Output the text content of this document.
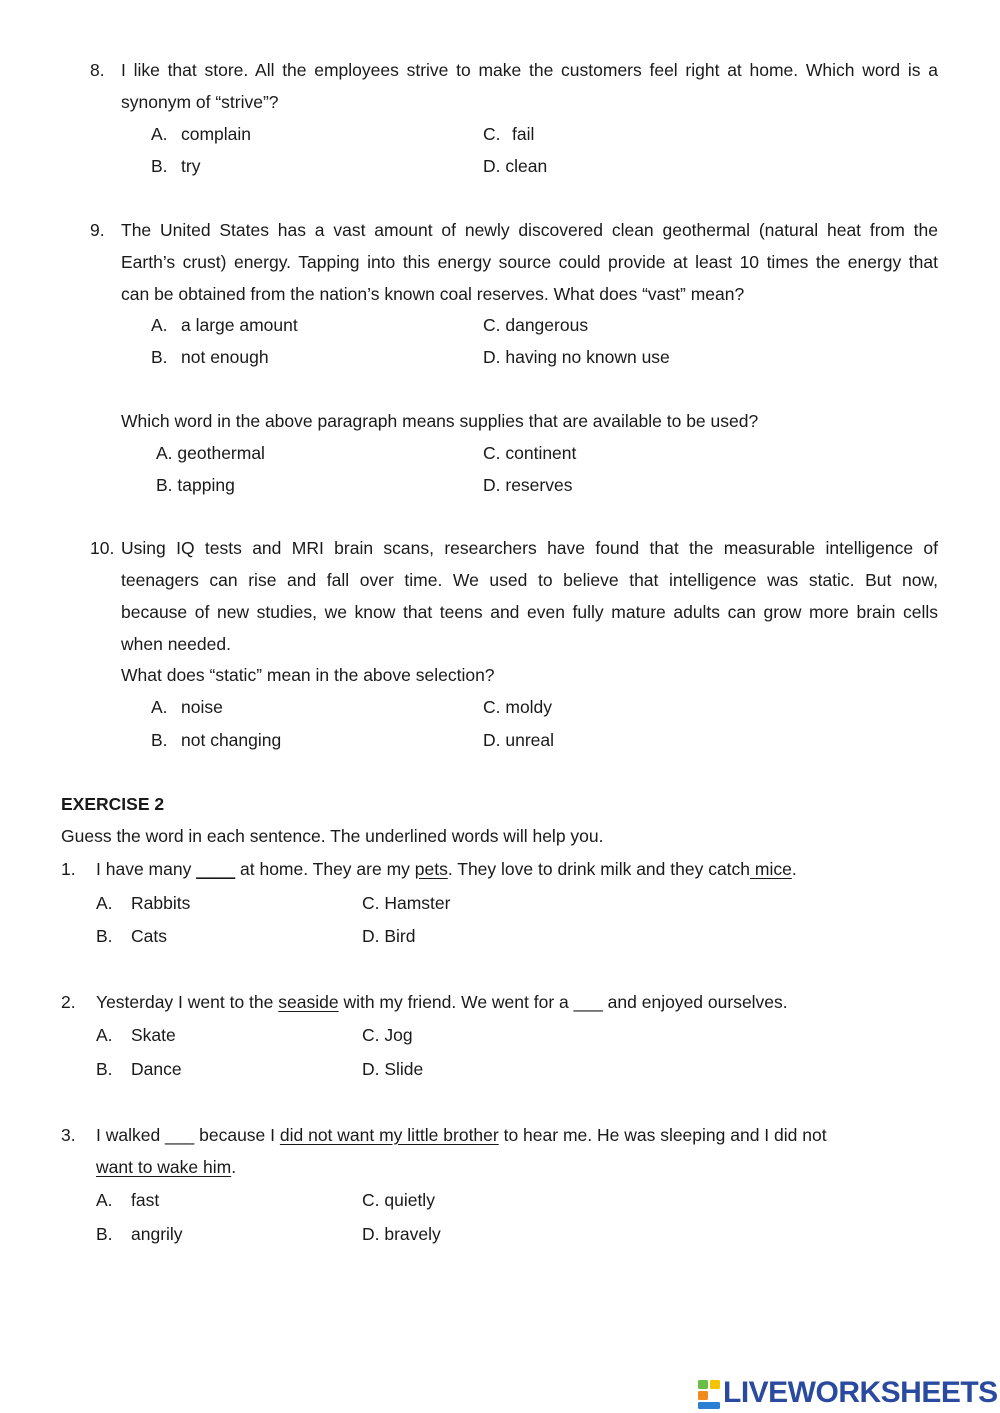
8. I like that store. All the employees strive to make the customers feel right at home. Which word is a
synonym of “strive”?
A. complain	C. fail
B. try	D. clean
9. The United States has a vast amount of newly discovered clean geothermal (natural heat from the
Earth’s crust) energy. Tapping into this energy source could provide at least 10 times the energy that
can be obtained from the nation’s known coal reserves. What does “vast” mean?
A. a large amount	C. dangerous
B. not enough	D. having no known use
Which word in the above paragraph means supplies that are available to be used?
A. geothermal	C. continent
B. tapping	D. reserves
10. Using IQ tests and MRI brain scans, researchers have found that the measurable intelligence of
teenagers can rise and fall over time. We used to believe that intelligence was static. But now,
because of new studies, we know that teens and even fully mature adults can grow more brain cells
when needed.
What does “static” mean in the above selection?
A. noise	C. moldy
B. not changing	D. unreal
EXERCISE 2
Guess the word in each sentence. The underlined words will help you.
1. I have many ____ at home. They are my pets. They love to drink milk and they catch mice.
A. Rabbits	C. Hamster
B. Cats	D. Bird
2. Yesterday I went to the seaside with my friend. We went for a ___ and enjoyed ourselves.
A. Skate	C. Jog
B. Dance	D. Slide
3. I walked ___ because I did not want my little brother to hear me. He was sleeping and I did not
want to wake him.
A. fast	C. quietly
B. angrily	D. bravely
LIVEWORKSHEETS
